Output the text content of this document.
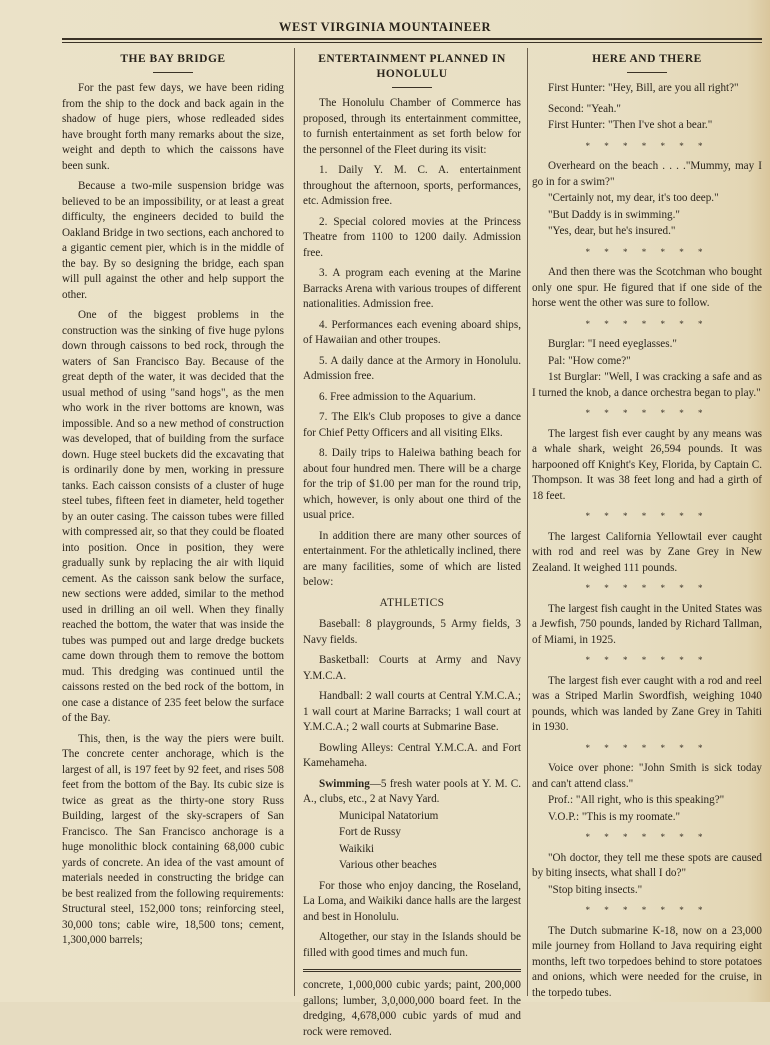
WEST VIRGINIA MOUNTAINEER
THE BAY BRIDGE

For the past few days, we have been riding from the ship to the dock and back again in the shadow of huge piers, whose redleaded sides have brought forth many remarks about the size, weight and depth to which the caissons have been sunk.

Because a two-mile suspension bridge was believed to be an impossibility, or at least a great difficulty, the engineers decided to build the Oakland Bridge in two sections, each anchored to a gigantic cement pier, which is in the middle of the bay. By so designing the bridge, each span will pull against the other and help support the other.

One of the biggest problems in the construction was the sinking of five huge pylons down through caissons to bed rock, through the waters of San Francisco Bay. Because of the great depth of the water, it was decided that the usual method of using "sand hogs", as the men who work in the river bottoms are known, was impossible. And so a new method of construction was developed, that of building from the surface down. Huge steel buckets did the excavating that is ordinarily done by men, working in pressure tanks. Each caisson consists of a cluster of huge steel tubes, fifteen feet in diameter, held together by an outer casing. The caisson tubes were filled with compressed air, so that they could be floated into position. Once in position, they were gradually sunk by replacing the air with liquid cement. As the caisson sank below the surface, new sections were added, similar to the method used in drilling an oil well. When they finally reached the bottom, the water that was inside the tubes was pumped out and large dredge buckets came down through them to remove the bottom mud. This dredging was continued until the caissons rested on the bed rock of the bottom, in one case a distance of 235 feet below the surface of the Bay.

This, then, is the way the piers were built. The concrete center anchorage, which is the largest of all, is 197 feet by 92 feet, and rises 508 feet from the bottom of the Bay. Its cubic size is twice as great as the thirty-one story Russ Building, largest of the sky-scrapers of San Francisco. The San Francisco anchorage is a huge monolithic block containing 68,000 cubic yards of concrete. An idea of the vast amount of materials needed in constructing the bridge can be best realized from the following requirements: Structural steel, 152,000 tons; reinforcing steel, 30,000 tons; cable wire, 18,500 tons; cement, 1,300,000 barrels;

ENTERTAINMENT PLANNED IN
HONOLULU

The Honolulu Chamber of Commerce has proposed, through its entertainment committee, to furnish entertainment as set forth below for the personnel of the Fleet during its visit:

1. Daily Y. M. C. A. entertainment throughout the afternoon, sports, performances, etc. Admission free.

2. Special colored movies at the Princess Theatre from 1100 to 1200 daily. Admission free.

3. A program each evening at the Marine Barracks Arena with various troupes of different nationalities. Admission free.

4. Performances each evening aboard ships, of Hawaiian and other troupes.

5. A daily dance at the Armory in Honolulu. Admission free.

6. Free admission to the Aquarium.

7. The Elk's Club proposes to give a dance for Chief Petty Officers and all visiting Elks.

8. Daily trips to Haleiwa bathing beach for about four hundred men. There will be a charge for the trip of $1.00 per man for the round trip, which, however, is only about one third of the usual price.

In addition there are many other sources of entertainment. For the athletically inclined, there are many facilities, some of which are listed below:

ATHLETICS

Baseball: 8 playgrounds, 5 Army fields, 3 Navy fields.

Basketball: Courts at Army and Navy Y.M.C.A.

Handball: 2 wall courts at Central Y.M.C.A.; 1 wall court at Marine Barracks; 1 wall court at Y.M.C.A.; 2 wall courts at Submarine Base.

Bowling Alleys: Central Y.M.C.A. and Fort Kamehameha.

Swimming—5 fresh water pools at Y. M. C. A., clubs, etc., 2 at Navy Yard.

Municipal Natatorium

Fort de Russy

Waikiki

Various other beaches

For those who enjoy dancing, the Roseland, La Loma, and Waikiki dance halls are the largest and best in Honolulu.

Altogether, our stay in the Islands should be filled with good times and much fun.

concrete, 1,000,000 cubic yards; paint, 200,000 gallons; lumber, 3,0,000,000 board feet. In the dredging, 4,678,000 cubic yards of mud and rock were removed.

HERE AND THERE

First Hunter: "Hey, Bill, are you all right?"

Second: "Yeah."

First Hunter: "Then I've shot a bear."

* * * * * * *

Overheard on the beach . . . ."Mummy, may I go in for a swim?"

"Certainly not, my dear, it's too deep."

"But Daddy is in swimming."

"Yes, dear, but he's insured."

* * * * * * *

And then there was the Scotchman who bought only one spur. He figured that if one side of the horse went the other was sure to follow.

* * * * * * *

Burglar: "I need eyeglasses."

Pal: "How come?"

1st Burglar: "Well, I was cracking a safe and as I turned the knob, a dance orchestra began to play."

* * * * * * *

The largest fish ever caught by any means was a whale shark, weight 26,594 pounds. It was harpooned off Knight's Key, Florida, by Captain C. Thompson. It was 38 feet long and had a girth of 18 feet.

* * * * * * *

The largest California Yellowtail ever caught with rod and reel was by Zane Grey in New Zealand. It weighed 111 pounds.

* * * * * * *

The largest fish caught in the United States was a Jewfish, 750 pounds, landed by Richard Tallman, of Miami, in 1925.

* * * * * * *

The largest fish ever caught with a rod and reel was a Striped Marlin Swordfish, weighing 1040 pounds, which was landed by Zane Grey in Tahiti in 1930.

* * * * * * *

Voice over phone: "John Smith is sick today and can't attend class."

Prof.: "All right, who is this speaking?"

V.O.P.: "This is my roomate."

* * * * * * *

"Oh doctor, they tell me these spots are caused by biting insects, what shall I do?"

"Stop biting insects."

* * * * * * *

The Dutch submarine K-18, now on a 23,000 mile journey from Holland to Java requiring eight months, left two torpedoes behind to store potatoes and onions, which were needed for the cruise, in the torpedo tubes.
